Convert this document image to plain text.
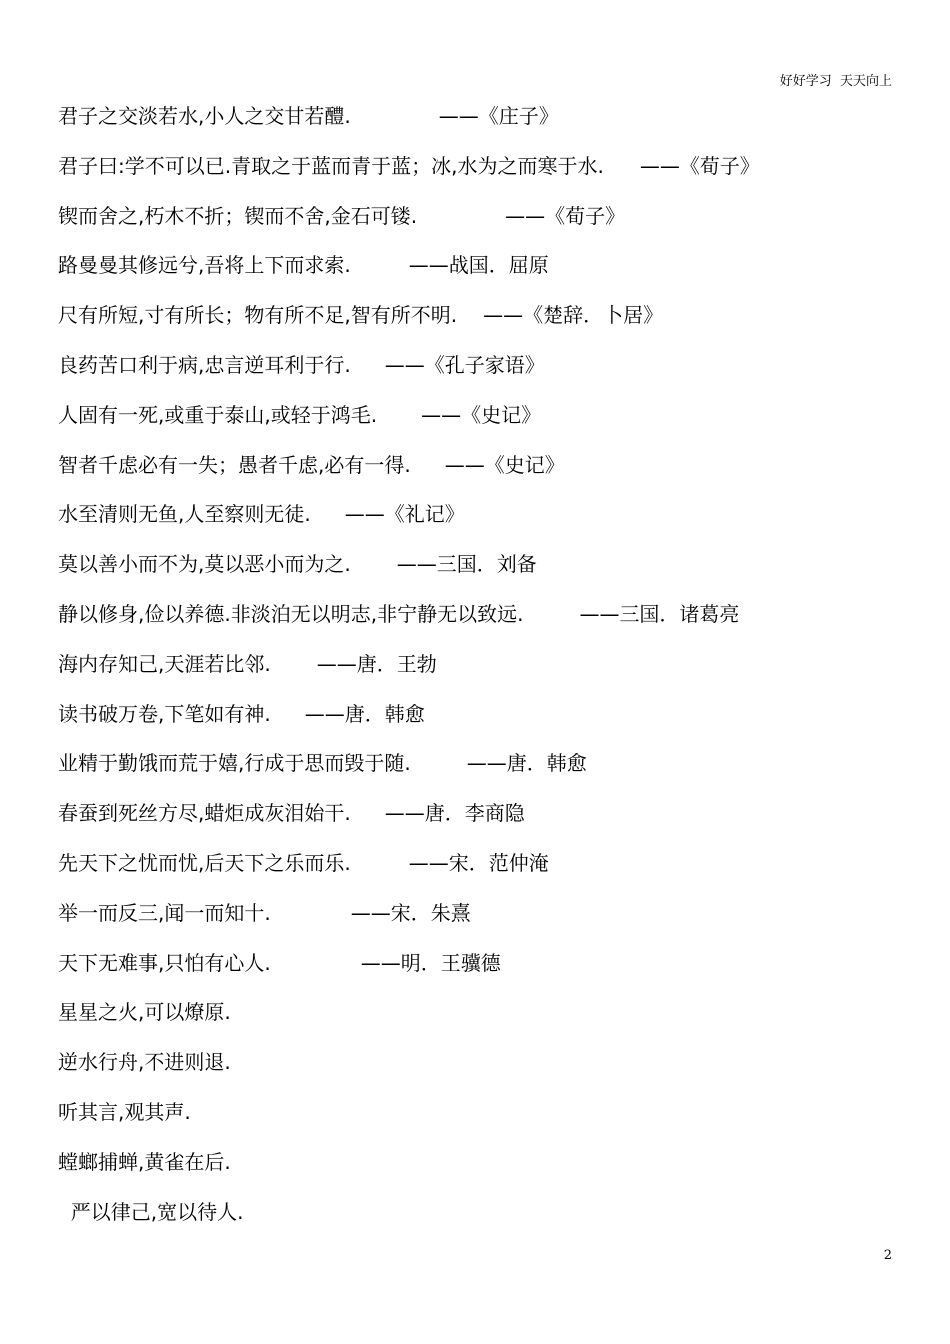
好好学习  天天向上
君子之交淡若水,小人之交甘若醴.	——《庄子》
君子曰:学不可以已.青取之于蓝而青于蓝；冰,水为之而寒于水. ——《荀子》
锲而舍之,朽木不折；锲而不舍,金石可镂.	——《荀子》
路曼曼其修远兮,吾将上下而求索.	——战国．屈原
尺有所短,寸有所长；物有所不足,智有所不明. ——《楚辞．卜居》
良药苦口利于病,忠言逆耳利于行. ——《孔子家语》
人固有一死,或重于泰山,或轻于鸿毛. ——《史记》
智者千虑必有一失；愚者千虑,必有一得. ——《史记》
水至清则无鱼,人至察则无徒. ——《礼记》
莫以善小而不为,莫以恶小而为之. ——三国．刘备
静以修身,俭以养德.非淡泊无以明志,非宁静无以致远.	——三国．诸葛亮
海内存知己,天涯若比邻. ——唐．王勃
读书破万卷,下笔如有神. ——唐．韩愈
业精于勤饿而荒于嬉,行成于思而毁于随.	——唐．韩愈
春蚕到死丝方尽,蜡炬成灰泪始干. ——唐．李商隐
先天下之忧而忧,后天下之乐而乐.	——宋．范仲淹
举一而反三,闻一而知十.	——宋．朱熹
天下无难事,只怕有心人.	——明．王骥德
星星之火,可以燎原.
逆水行舟,不进则退.
听其言,观其声.
螳螂捕蝉,黄雀在后.
严以律己,宽以待人.
2
